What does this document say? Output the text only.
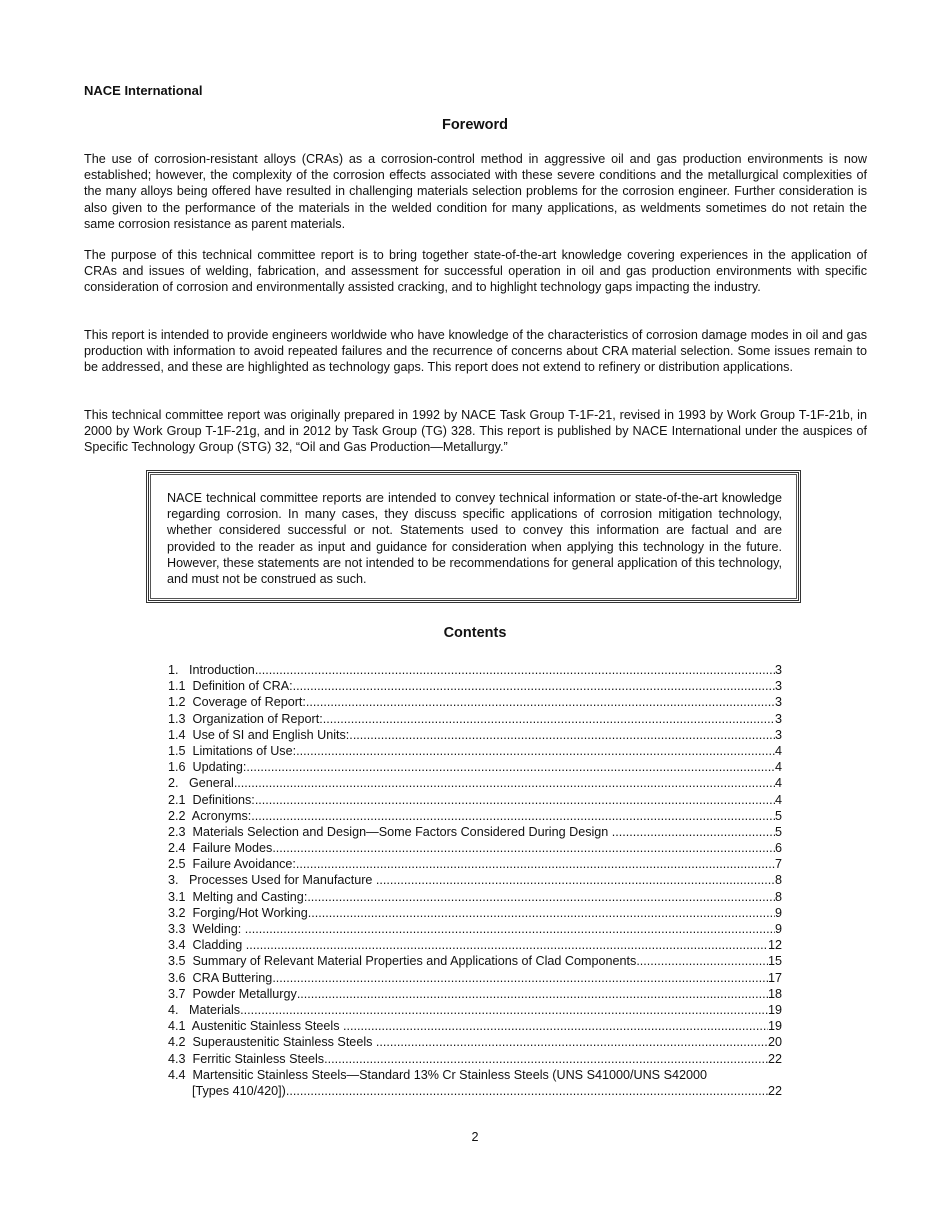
NACE International
Foreword

The use of corrosion-resistant alloys (CRAs) as a corrosion-control method in aggressive oil and gas production environments is now established; however, the complexity of the corrosion effects associated with these severe conditions and the metallurgical complexities of the many alloys being offered have resulted in challenging materials selection problems for the corrosion engineer. Further consideration is also given to the performance of the materials in the welded condition for many applications, as weldments sometimes do not retain the same corrosion resistance as parent materials.

The purpose of this technical committee report is to bring together state-of-the-art knowledge covering experiences in the application of CRAs and issues of welding, fabrication, and assessment for successful operation in oil and gas production environments with specific consideration of corrosion and environmentally assisted cracking, and to highlight technology gaps impacting the industry.

This report is intended to provide engineers worldwide who have knowledge of the characteristics of corrosion damage modes in oil and gas production with information to avoid repeated failures and the recurrence of concerns about CRA material selection. Some issues remain to be addressed, and these are highlighted as technology gaps. This report does not extend to refinery or distribution applications.

This technical committee report was originally prepared in 1992 by NACE Task Group T-1F-21, revised in 1993 by Work Group T-1F-21b, in 2000 by Work Group T-1F-21g, and in 2012 by Task Group (TG) 328. This report is published by NACE International under the auspices of Specific Technology Group (STG) 32, “Oil and Gas Production—Metallurgy.”

NACE technical committee reports are intended to convey technical information or state-of-the-art knowledge regarding corrosion. In many cases, they discuss specific applications of corrosion mitigation technology, whether considered successful or not. Statements used to convey this information are factual and are provided to the reader as input and guidance for consideration when applying this technology in the future. However, these statements are not intended to be recommendations for general application of this technology, and must not be construed as such.

Contents
1.   Introduction .....	3
1.1  Definition of CRA:. .....	3
1.2  Coverage of Report:. .....	3
1.3  Organization of Report:. .....	3
1.4  Use of SI and English Units:. .....	3
1.5  Limitations of Use:. .....	4
1.6  Updating:. .....	4
2.   General .....	4
2.1  Definitions: .....	4
2.2  Acronyms: .....	5
2.3  Materials Selection and Design—Some Factors Considered During Design .....	5
2.4  Failure Modes .....	6
2.5  Failure Avoidance: .....	7
3.   Processes Used for Manufacture .....	8
3.1  Melting and Casting: .....	8
3.2  Forging/Hot Working .....	9
3.3  Welding: .....	9
3.4  Cladding .....	12
3.5  Summary of Relevant Material Properties and Applications of Clad Components .....	15
3.6  CRA Buttering .....	17
3.7  Powder Metallurgy .....	18
4.   Materials .....	19
4.1  Austenitic Stainless Steels .....	19
4.2  Superaustenitic Stainless Steels .....	20
4.3  Ferritic Stainless Steels .....	22
4.4  Martensitic Stainless Steels—Standard 13% Cr Stainless Steels (UNS S41000/UNS S42000
[Types 410/420]) .....	22
2
